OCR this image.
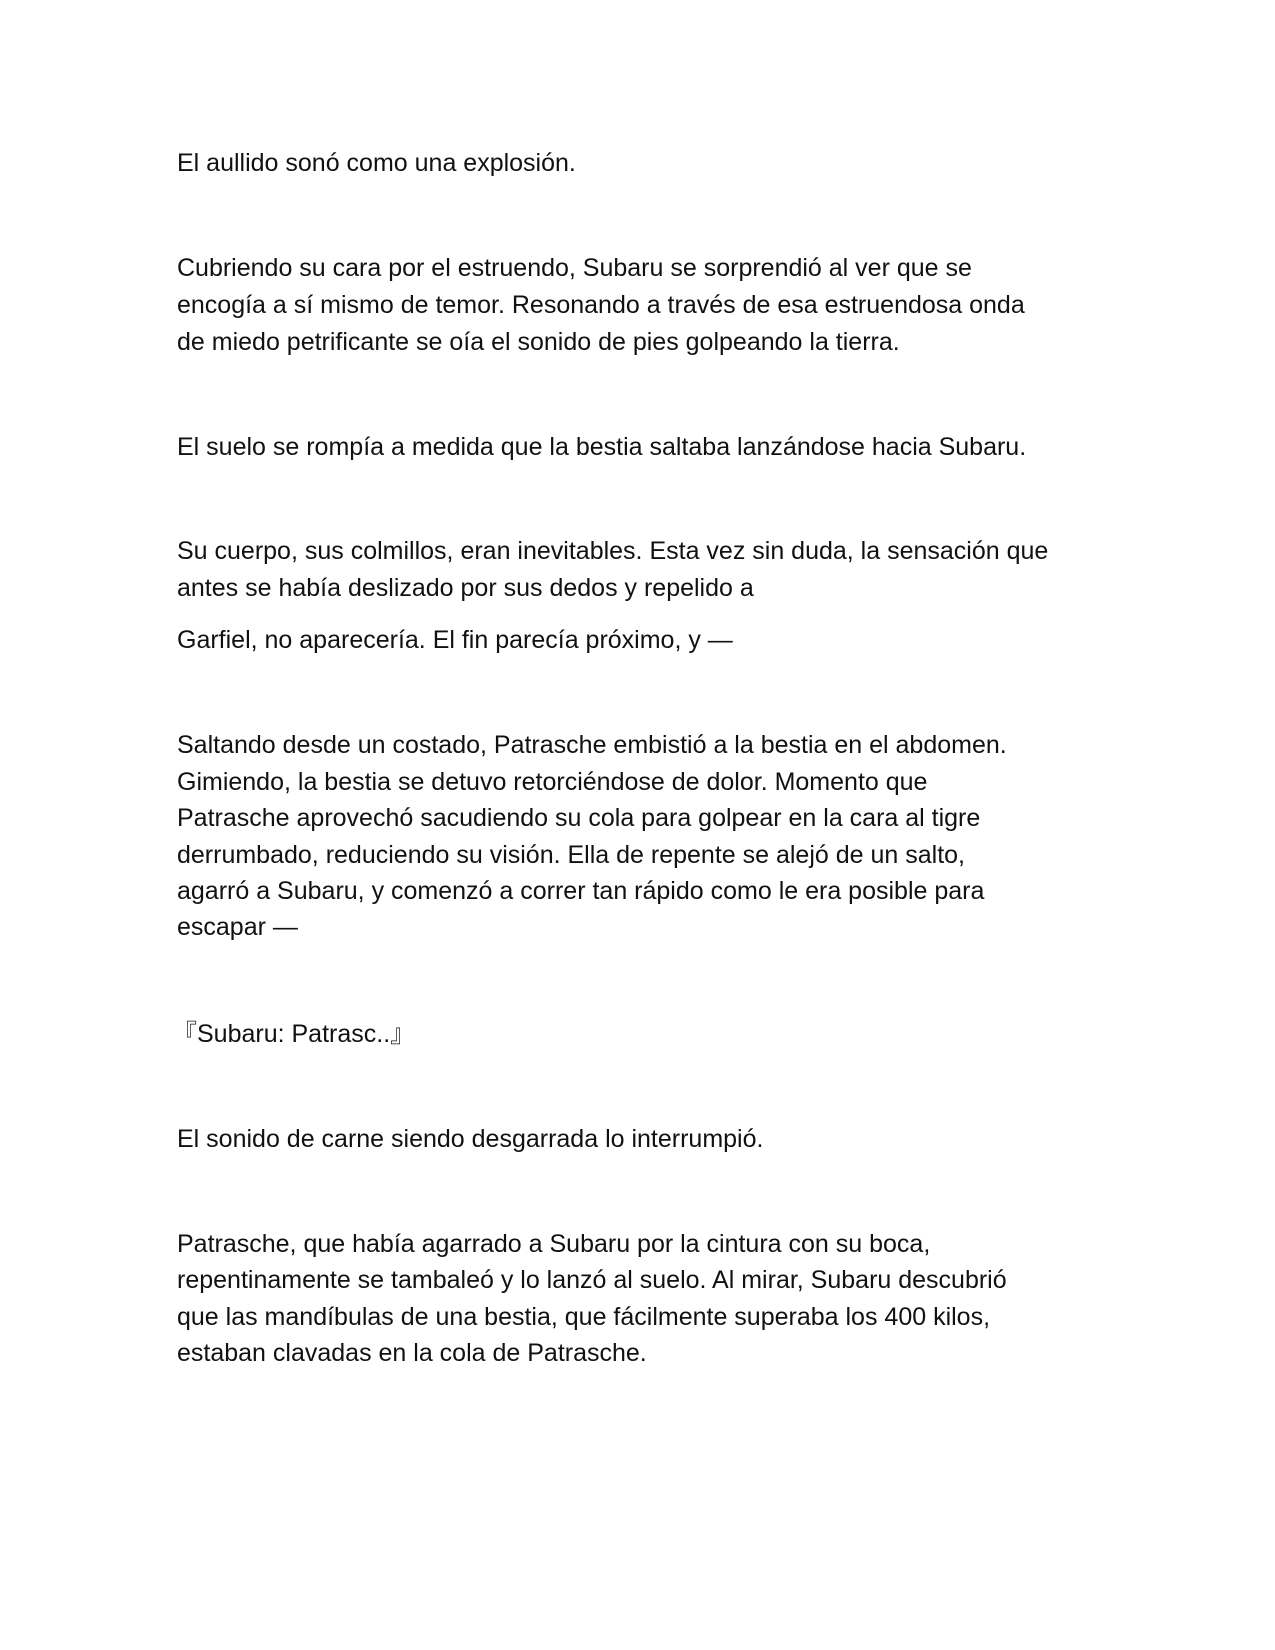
El aullido sonó como una explosión.

Cubriendo su cara por el estruendo, Subaru se sorprendió al ver que se

encogía a sí mismo de temor. Resonando a través de esa estruendosa onda

de miedo petrificante se oía el sonido de pies golpeando la tierra.

El suelo se rompía a medida que la bestia saltaba lanzándose hacia Subaru.

Su cuerpo, sus colmillos, eran inevitables. Esta vez sin duda, la sensación que

antes se había deslizado por sus dedos y repelido a

Garfiel, no aparecería. El fin parecía próximo, y —

Saltando desde un costado, Patrasche embistió a la bestia en el abdomen.

Gimiendo, la bestia se detuvo retorciéndose de dolor. Momento que

Patrasche aprovechó sacudiendo su cola para golpear en la cara al tigre

derrumbado, reduciendo su visión. Ella de repente se alejó de un salto,

agarró a Subaru, y comenzó a correr tan rápido como le era posible para

escapar —

『Subaru: Patrasc..』

El sonido de carne siendo desgarrada lo interrumpió.

Patrasche, que había agarrado a Subaru por la cintura con su boca,

repentinamente se tambaleó y lo lanzó al suelo. Al mirar, Subaru descubrió

que las mandíbulas de una bestia, que fácilmente superaba los 400 kilos,

estaban clavadas en la cola de Patrasche.
